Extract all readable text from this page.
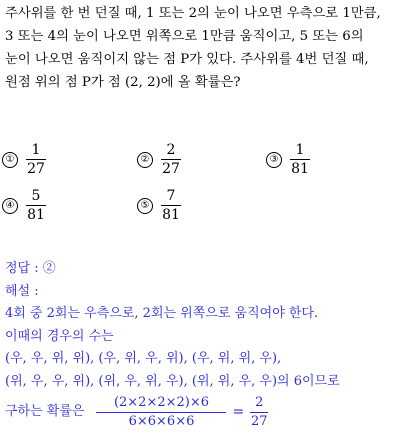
주사위를 한 번 던질 때, 1 또는 2의 눈이 나오면 우측으로 1만큼,
3 또는 4의 눈이 나오면 위쪽으로 1만큼 움직이고, 5 또는 6의
눈이 나오면 움직이지 않는 점 P가 있다. 주사위를 4번 던질 때,
원점 위의 점 P가 점 (2, 2)에 올 확률은?
① $\frac{1}{27}$	② $\frac{2}{27}$	③ $\frac{1}{81}$
④ $\frac{5}{81}$	⑤ $\frac{7}{81}$
정답 : ②
해설 :
4회 중 2회는 우측으로, 2회는 위쪽으로 움직여야 한다.
이때의 경우의 수는
(우, 우, 위, 위), (우, 위, 우, 위), (우, 위, 위, 우),
(위, 우, 우, 위), (위, 우, 위, 우), (위, 위, 우, 우)의 6이므로
구하는 확률은 $\frac{(2\times 2\times 2\times 2)\times 6}{6\times 6\times 6\times 6} = \frac{2}{27}$
